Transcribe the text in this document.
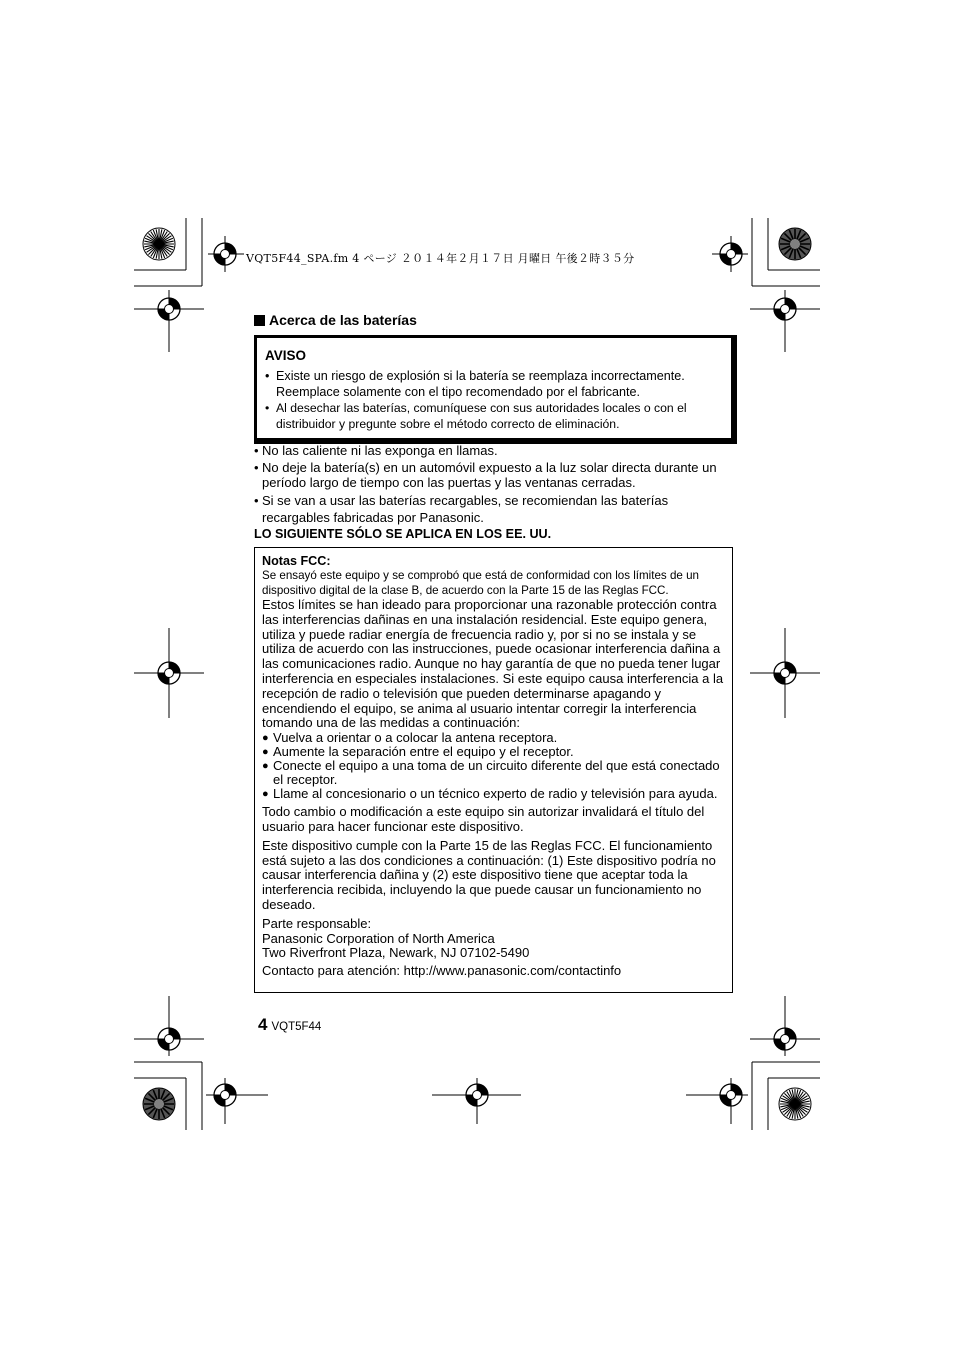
VQT5F44_SPA.fm 4 ページ ２０１４年２月１７日 月曜日 午後２時３５分
Acerca de las baterías
AVISO
• Existe un riesgo de explosión si la batería se reemplaza incorrectamente. Reemplace solamente con el tipo recomendado por el fabricante.
• Al desechar las baterías, comuníquese con sus autoridades locales o con el distribuidor y pregunte sobre el método correcto de eliminación.
• No las caliente ni las exponga en llamas.
• No deje la batería(s) en un automóvil expuesto a la luz solar directa durante un período largo de tiempo con las puertas y las ventanas cerradas.
• Si se van a usar las baterías recargables, se recomiendan las baterías recargables fabricadas por Panasonic.
LO SIGUIENTE SÓLO SE APLICA EN LOS EE. UU.
Notas FCC:
Se ensayó este equipo y se comprobó que está de conformidad con los límites de un dispositivo digital de la clase B, de acuerdo con la Parte 15 de las Reglas FCC.
Estos límites se han ideado para proporcionar una razonable protección contra las interferencias dañinas en una instalación residencial. Este equipo genera, utiliza y puede radiar energía de frecuencia radio y, por si no se instala y se utiliza de acuerdo con las instrucciones, puede ocasionar interferencia dañina a las comunicaciones radio. Aunque no hay garantía de que no pueda tener lugar interferencia en especiales instalaciones. Si este equipo causa interferencia a la recepción de radio o televisión que pueden determinarse apagando y encendiendo el equipo, se anima al usuario intentar corregir la interferencia tomando una de las medidas a continuación:
● Vuelva a orientar o a colocar la antena receptora.
● Aumente la separación entre el equipo y el receptor.
● Conecte el equipo a una toma de un circuito diferente del que está conectado el receptor.
● Llame al concesionario o un técnico experto de radio y televisión para ayuda.
Todo cambio o modificación a este equipo sin autorizar invalidará el título del usuario para hacer funcionar este dispositivo.
Este dispositivo cumple con la Parte 15 de las Reglas FCC. El funcionamiento está sujeto a las dos condiciones a continuación: (1) Este dispositivo podría no causar interferencia dañina y (2) este dispositivo tiene que aceptar toda la interferencia recibida, incluyendo la que puede causar un funcionamiento no deseado.
Parte responsable:
Panasonic Corporation of North America
Two Riverfront Plaza, Newark, NJ 07102-5490
Contacto para atención: http://www.panasonic.com/contactinfo
4 VQT5F44
